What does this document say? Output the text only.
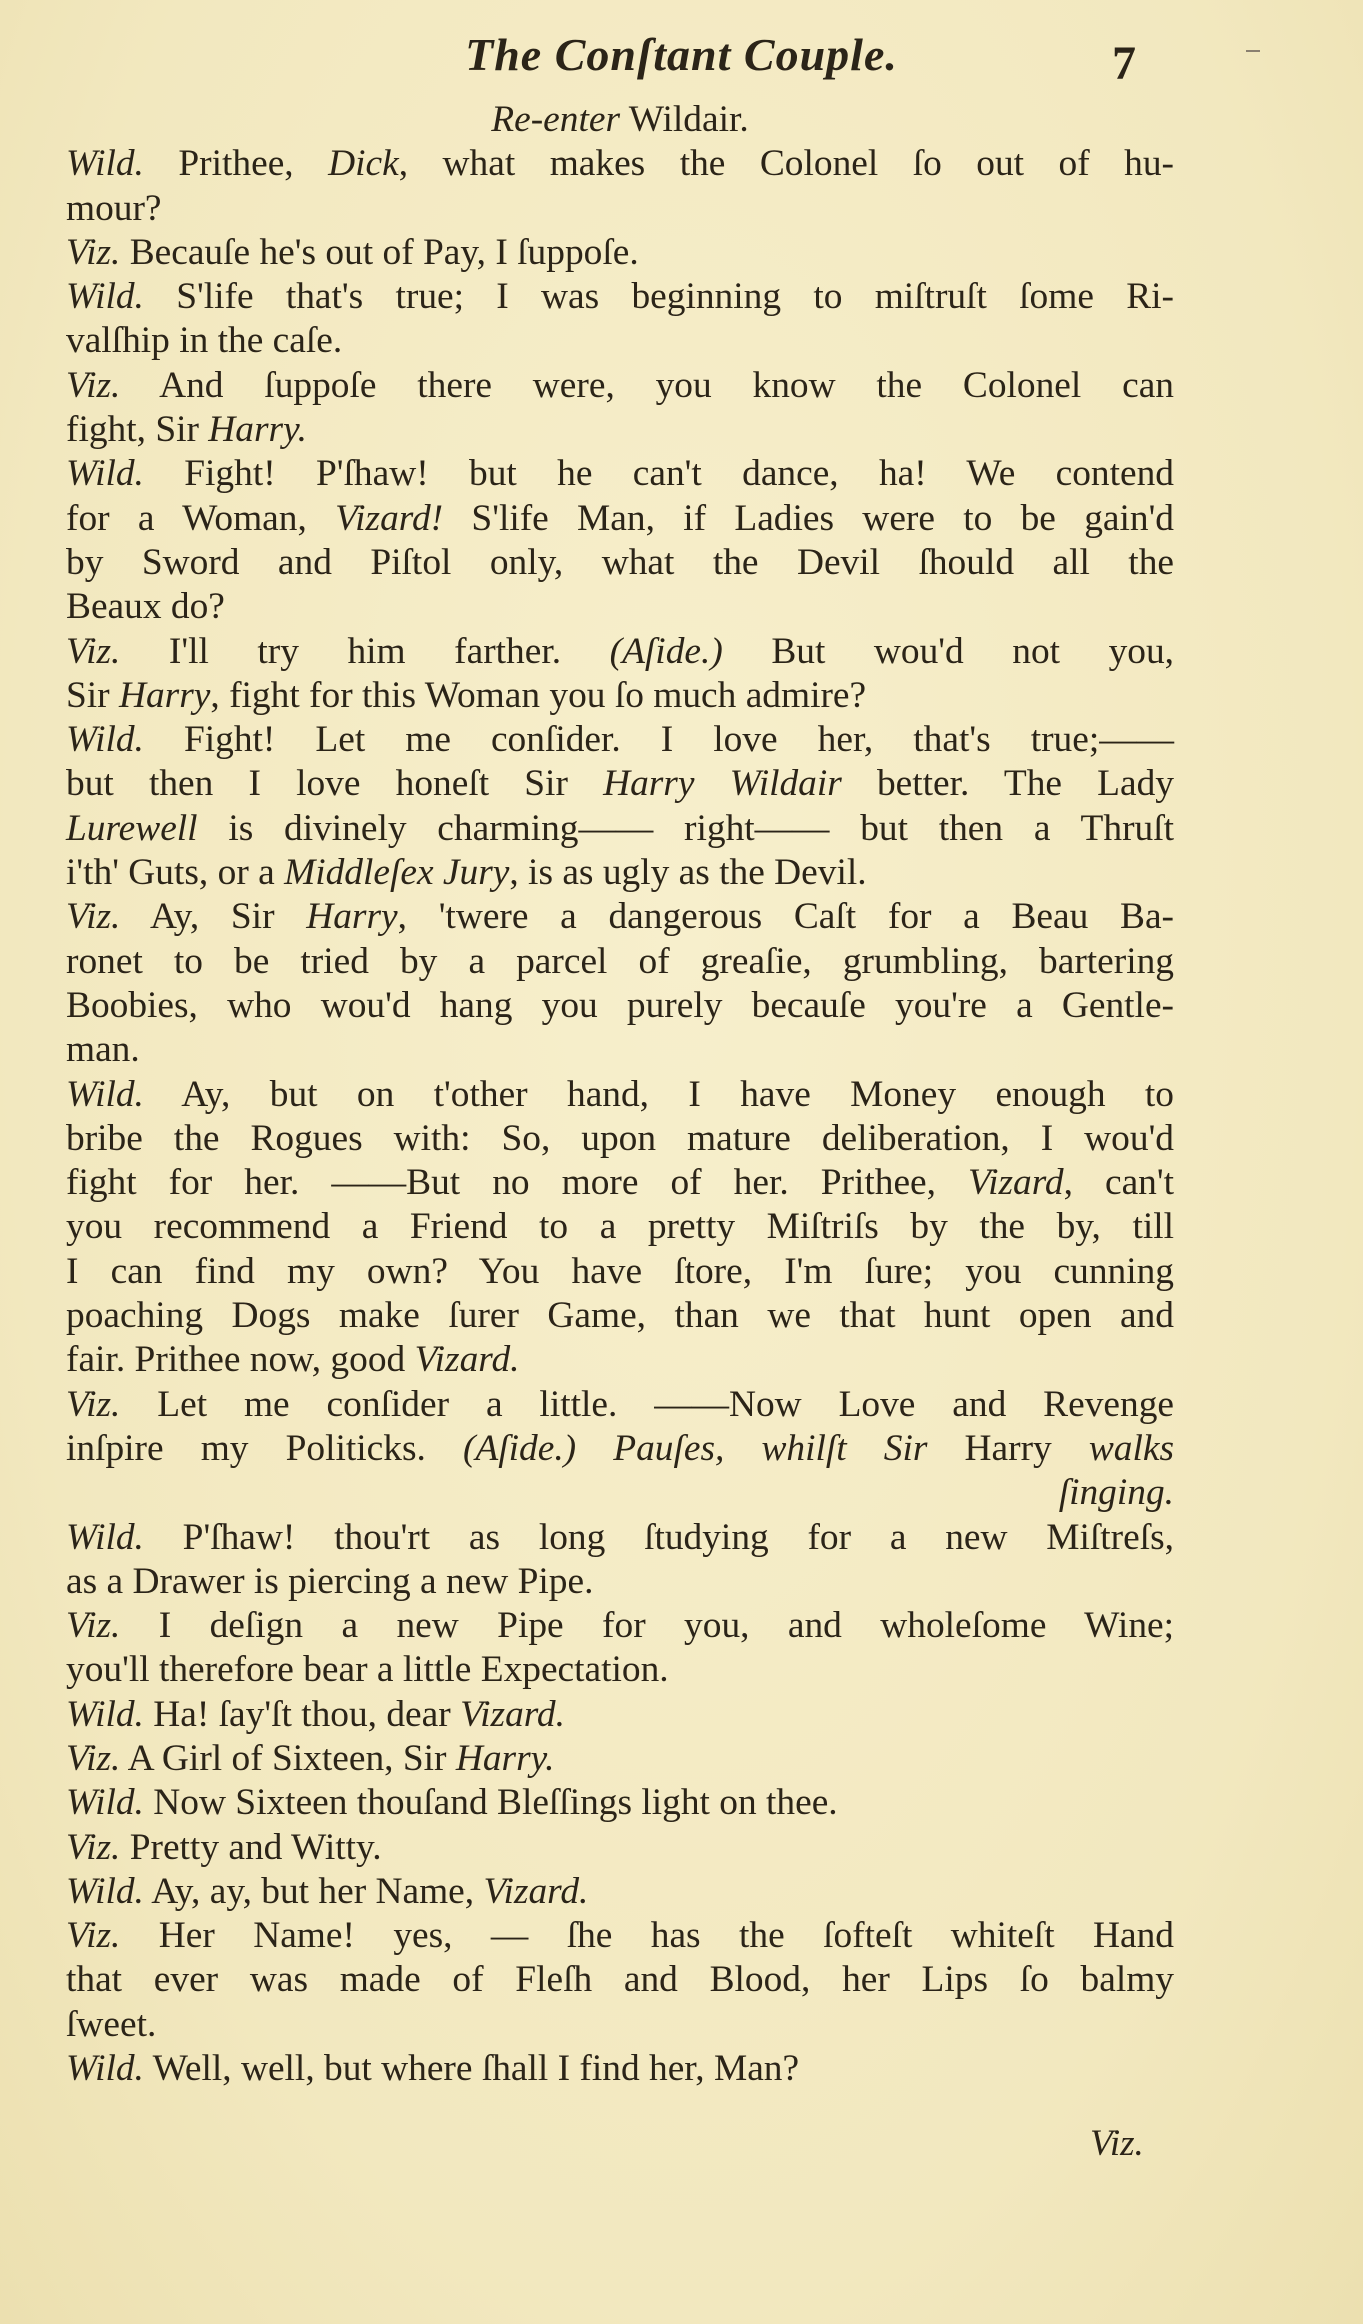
The Conſtant Couple.	7
Re-enter Wildair.
Wild. Prithee, Dick, what makes the Colonel ſo out of hu-
mour?
Viz. Becauſe he's out of Pay, I ſuppoſe.
Wild. S'life that's true; I was beginning to miſtruſt ſome Ri-
valſhip in the caſe.
Viz. And ſuppoſe there were, you know the Colonel can
fight, Sir Harry.
Wild. Fight! P'ſhaw! but he can't dance, ha! We contend
for a Woman, Vizard! S'life Man, if Ladies were to be gain'd
by Sword and Piſtol only, what the Devil ſhould all the
Beaux do?
Viz. I'll try him farther. (Aſide.) But wou'd not you,
Sir Harry, fight for this Woman you ſo much admire?
Wild. Fight! Let me conſider. I love her, that's true;——
but then I love honeſt Sir Harry Wildair better. The Lady
Lurewell is divinely charming—— right—— but then a Thruſt
i'th' Guts, or a Middleſex Jury, is as ugly as the Devil.
Viz. Ay, Sir Harry, 'twere a dangerous Caſt for a Beau Ba-
ronet to be tried by a parcel of greaſie, grumbling, bartering
Boobies, who wou'd hang you purely becauſe you're a Gentle-
man.
Wild. Ay, but on t'other hand, I have Money enough to
bribe the Rogues with: So, upon mature deliberation, I wou'd
fight for her. ——But no more of her. Prithee, Vizard, can't
you recommend a Friend to a pretty Miſtriſs by the by, till
I can find my own? You have ſtore, I'm ſure; you cunning
poaching Dogs make ſurer Game, than we that hunt open and
fair. Prithee now, good Vizard.
Viz. Let me conſider a little. ——Now Love and Revenge
inſpire my Politicks. (Aſide.) Pauſes, whilſt Sir Harry walks
ſinging.
Wild. P'ſhaw! thou'rt as long ſtudying for a new Miſtreſs,
as a Drawer is piercing a new Pipe.
Viz. I deſign a new Pipe for you, and wholeſome Wine;
you'll therefore bear a little Expectation.
Wild. Ha! ſay'ſt thou, dear Vizard.
Viz. A Girl of Sixteen, Sir Harry.
Wild. Now Sixteen thouſand Bleſſings light on thee.
Viz. Pretty and Witty.
Wild. Ay, ay, but her Name, Vizard.
Viz. Her Name! yes, — ſhe has the ſofteſt whiteſt Hand
that ever was made of Fleſh and Blood, her Lips ſo balmy
ſweet.
Wild. Well, well, but where ſhall I find her, Man?
Viz.
